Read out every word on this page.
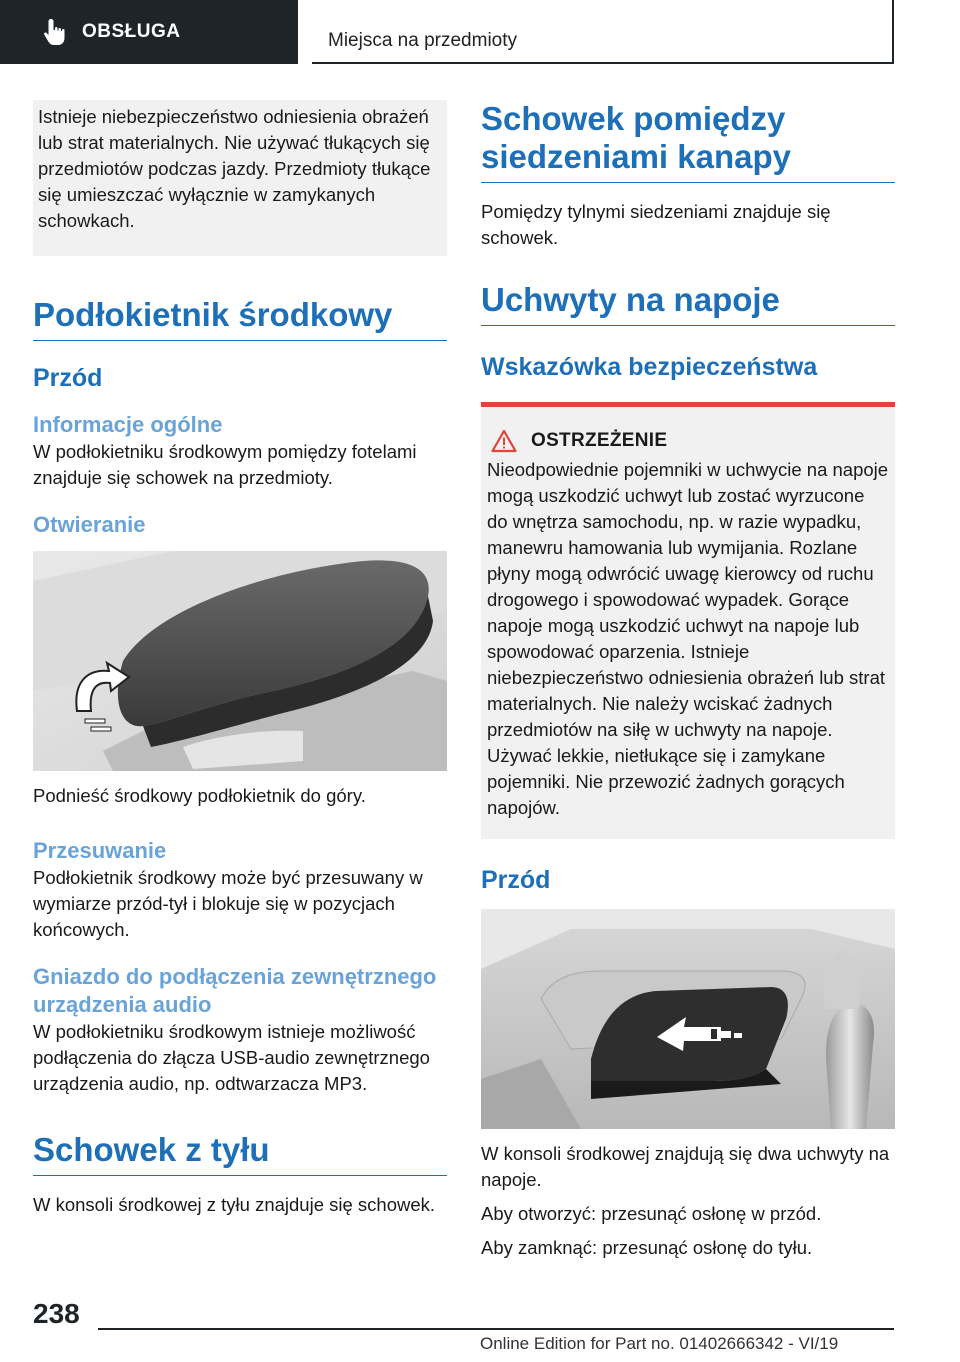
OBSŁUGA	Miejsca na przedmioty

Istnieje niebezpieczeństwo odniesienia obrażeń lub strat materialnych. Nie używać tłukących się przedmiotów podczas jazdy. Przedmioty tłukące się umieszczać wyłącznie w zamykanych schowkach.

Podłokietnik środkowy
Przód
Informacje ogólne

W podłokietniku środkowym pomiędzy fotelami znajduje się schowek na przedmioty.

Otwieranie

Podnieść środkowy podłokietnik do góry.

Przesuwanie

Podłokietnik środkowy może być przesuwany w wymiarze przód-tył i blokuje się w pozycjach końcowych.

Gniazdo do podłączenia zewnętrznego urządzenia audio

W podłokietniku środkowym istnieje możliwość podłączenia do złącza USB-audio zewnętrznego urządzenia audio, np. odtwarzacza MP3.

Schowek z tyłu

W konsoli środkowej z tyłu znajduje się schowek.

Schowek pomiędzy siedzeniami kanapy

Pomiędzy tylnymi siedzeniami znajduje się schowek.

Uchwyty na napoje
Wskazówka bezpieczeństwa
OSTRZEŻENIE

Nieodpowiednie pojemniki w uchwycie na napoje mogą uszkodzić uchwyt lub zostać wyrzucone do wnętrza samochodu, np. w razie wypadku, manewru hamowania lub wymijania. Rozlane płyny mogą odwrócić uwagę kierowcy od ruchu drogowego i spowodować wypadek. Gorące napoje mogą uszkodzić uchwyt na napoje lub spowodować oparzenia. Istnieje niebezpieczeństwo odniesienia obrażeń lub strat materialnych. Nie należy wciskać żadnych przedmiotów na siłę w uchwyty na napoje. Używać lekkie, nietłukące się i zamykane pojemniki. Nie przewozić żadnych gorących napojów.

Przód

W konsoli środkowej znajdują się dwa uchwyty na napoje.

Aby otworzyć: przesunąć osłonę w przód.

Aby zamknąć: przesunąć osłonę do tyłu.

238
Online Edition for Part no. 01402666342 - VI/19
